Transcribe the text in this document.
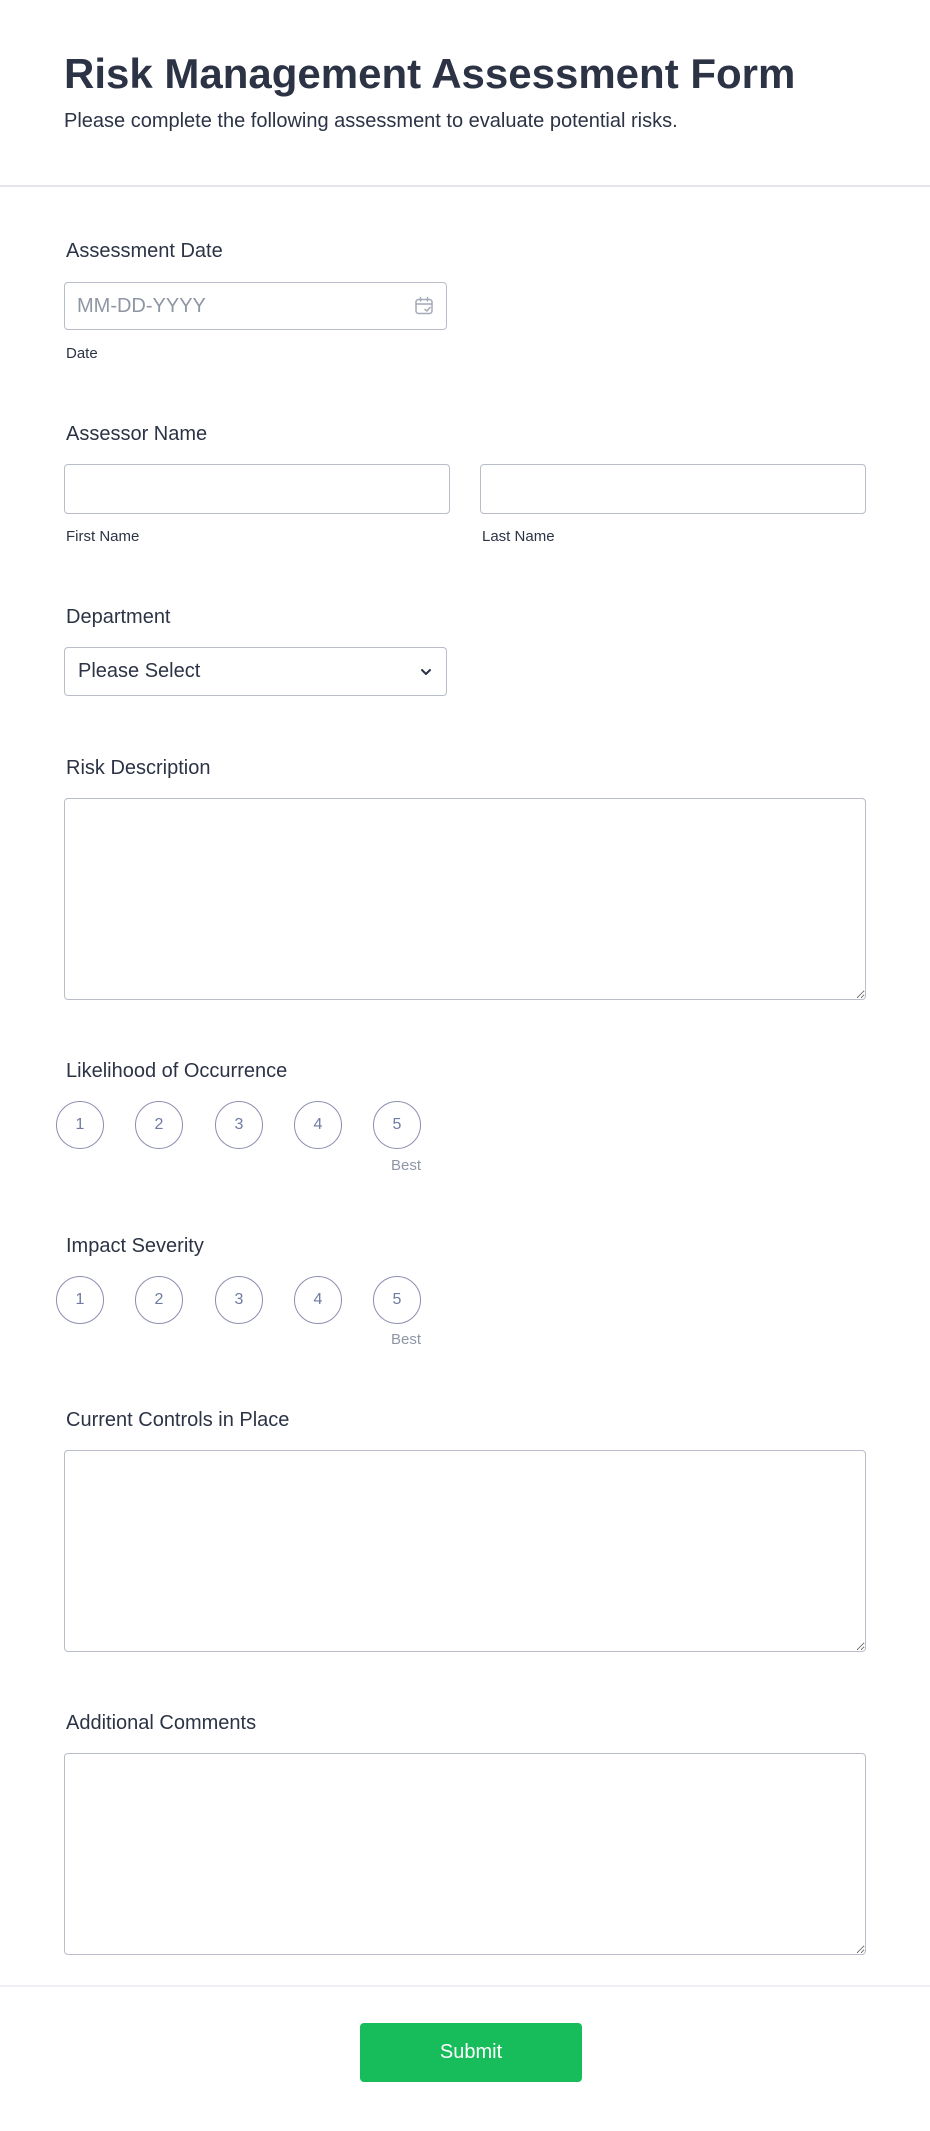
Risk Management Assessment Form

Please complete the following assessment to evaluate potential risks.

Assessment Date
MM-DD-YYYY
Date
Assessor Name
First Name	Last Name
Department
Please Select
Risk Description
Likelihood of Occurrence
1	2	3	4	5
Best
Impact Severity
1	2	3	4	5
Best
Current Controls in Place
Additional Comments
Submit
